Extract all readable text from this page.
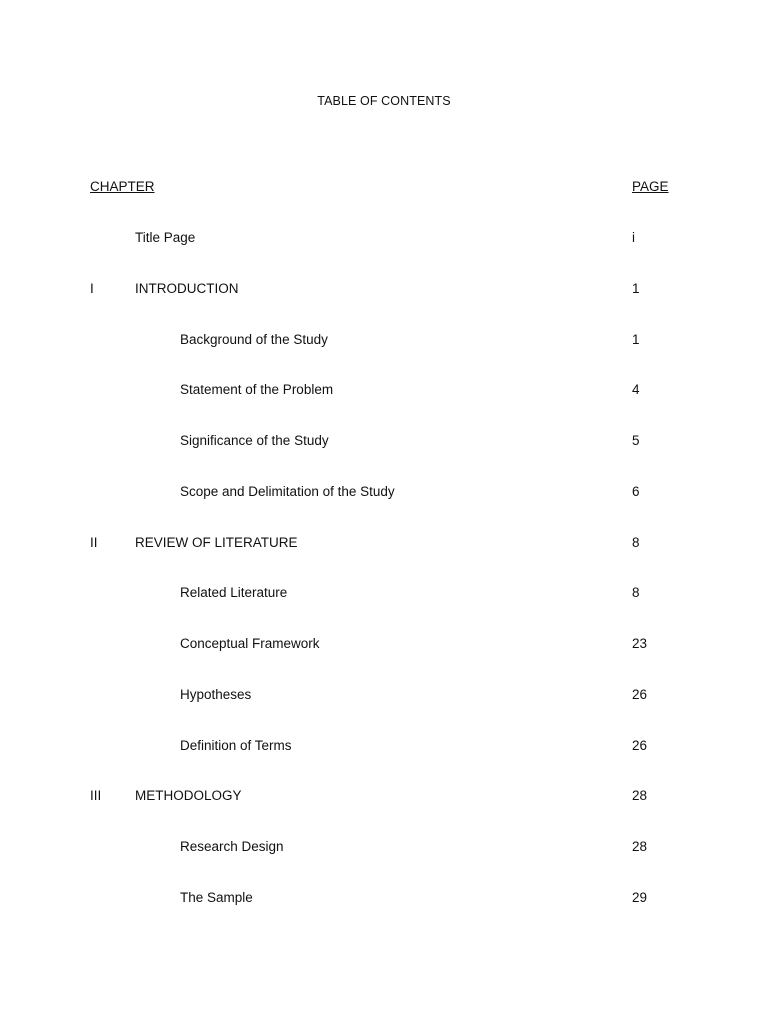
TABLE OF CONTENTS
CHAPTER	PAGE
Title Page	i
I	INTRODUCTION	1
Background of the Study	1
Statement of the Problem	4
Significance of the Study	5
Scope and Delimitation of the Study	6
II	REVIEW OF LITERATURE	8
Related Literature	8
Conceptual Framework	23
Hypotheses	26
Definition of Terms	26
III METHODOLOGY	28
Research Design	28
The Sample	29
